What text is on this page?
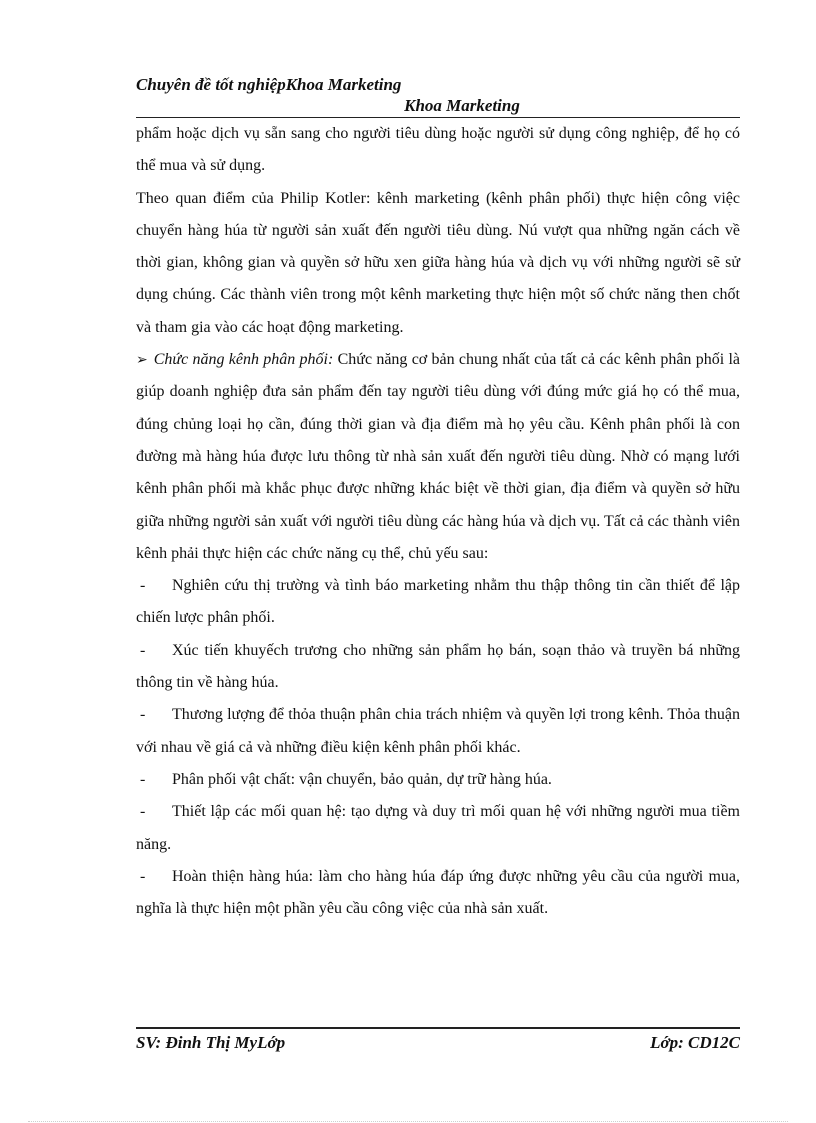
Chuyên đề tốt nghiệpKhoa Marketing
Khoa Marketing

phẩm hoặc dịch vụ sẵn sang cho người tiêu dùng hoặc người sử dụng công nghiệp, để họ có thể mua và sử dụng.

Theo quan điểm của Philip Kotler: kênh marketing (kênh phân phối) thực hiện công việc chuyển hàng húa từ người sản xuất đến người tiêu dùng. Nú vượt qua những ngăn cách về thời gian, không gian và quyền sở hữu xen giữa hàng húa và dịch vụ với những người sẽ sử dụng chúng. Các thành viên trong một kênh marketing thực hiện một số chức năng then chốt và tham gia vào các hoạt động marketing.

➢ Chức năng kênh phân phối: Chức năng cơ bản chung nhất của tất cả các kênh phân phối là giúp doanh nghiệp đưa sản phẩm đến tay người tiêu dùng với đúng mức giá họ có thể mua, đúng chủng loại họ cần, đúng thời gian và địa điểm mà họ yêu cầu. Kênh phân phối là con đường mà hàng húa được lưu thông từ nhà sản xuất đến người tiêu dùng. Nhờ có mạng lưới kênh phân phối mà khắc phục được những khác biệt về thời gian, địa điểm và quyền sở hữu giữa những người sản xuất với người tiêu dùng các hàng húa và dịch vụ. Tất cả các thành viên kênh phải thực hiện các chức năng cụ thể, chủ yếu sau:

- Nghiên cứu thị trường và tình báo marketing nhằm thu thập thông tin cần thiết để lập chiến lược phân phối.

- Xúc tiến khuyếch trương cho những sản phẩm họ bán, soạn thảo và truyền bá những thông tin về hàng húa.

- Thương lượng để thỏa thuận phân chia trách nhiệm và quyền lợi trong kênh. Thỏa thuận với nhau về giá cả và những điều kiện kênh phân phối khác.

- Phân phối vật chất: vận chuyển, bảo quản, dự trữ hàng húa.

- Thiết lập các mối quan hệ: tạo dựng và duy trì mối quan hệ với những người mua tiềm năng.

- Hoàn thiện hàng húa: làm cho hàng húa đáp ứng được những yêu cầu của người mua, nghĩa là thực hiện một phần yêu cầu công việc của nhà sản xuất.

SV: Đinh Thị MyLớp	Lớp: CD12C
